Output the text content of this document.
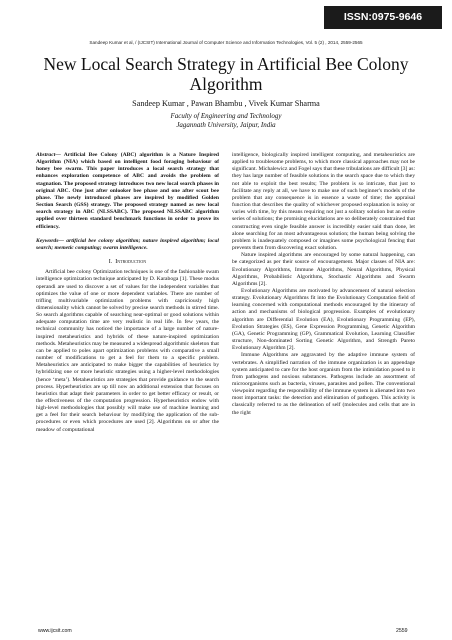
ISSN:0975-9646
Sandeep Kumar et al, / (IJCSIT) International Journal of Computer Science and Information Technologies, Vol. 5 (2) , 2014, 2559-2565
New Local Search Strategy in Artificial Bee Colony Algorithm
Sandeep Kumar , Pawan Bhambu , Vivek Kumar Sharma
Faculty of Engineering and Technology
Jagannath University, Jaipur, India

Abstract— Artificial Bee Colony (ABC) algorithm is a Nature Inspired Algorithm (NIA) which based on intelligent food foraging behaviour of honey bee swarm. This paper introduces a local search strategy that enhances exploration competence of ABC and avoids the problem of stagnation. The proposed strategy introduces two new local search phases in original ABC. One just after onlooker bee phase and one after scout bee phase. The newly introduced phases are inspired by modified Golden Section Search (GSS) strategy. The proposed strategy named as new local search strategy in ABC (NLSSABC). The proposed NLSSABC algorithm applied over thirteen standard benchmark functions in order to prove its efficiency.

Keywords— artificial bee colony algorithm; nature inspired algorithm; local search; memetic computing; swarm intelligence.

I. Introduction

Artificial bee colony Optimization techniques is one of the fashionable swam intelligence optimization technique anticipated by D. Karaboga [1]. These modus operandi are used to discover a set of values for the independent variables that optimizes the value of one or more dependent variables. There are number of trifling multivariable optimization problems with capriciously high dimensionality which cannot be solved by precise search methods in stirred time. So search algorithms capable of searching near-optimal or good solutions within adequate computation time are very realistic in real life. In few years, the technical community has noticed the importance of a large number of nature-inspired metaheuristics and hybrids of these nature-inspired optimization methods. Metaheuristics may be measured a widespread algorithmic skeleton that can be applied to poles apart optimization problems with comparative a small number of modifications to get a feel for them to a specific problem. Metaheuristics are anticipated to make bigger the capabilities of heuristics by hybridizing one or more heuristic strategies using a higher-level methodologies (hence ‘meta’). Metaheuristics are strategies that provide guidance to the search process. Hyperheuristics are up till now an additional extension that focuses on heuristics that adapt their parameters in order to get better efficacy or result, or the effectiveness of the computation progression. Hyperheuristics endow with high-level methodologies that possibly will make use of machine learning and get a feel for their search behaviour by modifying the application of the sub-procedures or even which procedures are used [2]. Algorithms on or after the meadow of computational

intelligence, biologically inspired intelligent computing, and metaheuristics are applied to troublesome problems, to which more classical approaches may not be significant. Michalewicz and Fogel says that these tribulations are difficult [3] as: they has large number of feasible solutions in the search space due to which they not able to exploit the best results; The problem is so intricate, that just to facilitate any reply at all, we have to make use of such beginner's models of the problem that any consequence is in essence a waste of time; the appraisal function that describes the quality of whichever proposed explanation is noisy or varies with time, by this means requiring not just a solitary solution but an entire series of solutions; the promising elucidations are so deliberately constrained that constructing even single feasible answer is incredibly easier said than done, let alone searching for an most advantageous solution; the human being solving the problem is inadequately composed or imagines some psychological fencing that prevents them from discovering exact solution.

Nature inspired algorithms are encouraged by some natural happening, can be categorized as per their source of encouragement. Major classes of NIA are: Evolutionary Algorithms, Immune Algorithms, Neural Algorithms, Physical Algorithms, Probabilistic Algorithms, Stochastic Algorithms and Swarm Algorithms [2].

Evolutionary Algorithms are motivated by advancement of natural selection strategy. Evolutionary Algorithms fit into the Evolutionary Computation field of learning concerned with computational methods encouraged by the itinerary of action and mechanisms of biological progression. Examples of evolutionary algorithm are Differential Evolution (EA), Evolutionary Programming (EP), Evolution Strategies (ES), Gene Expression Programming, Genetic Algorithm (GA), Genetic Programming (GP), Grammatical Evolution, Learning Classifier structure, Non-dominated Sorting Genetic Algorithm, and Strength Pareto Evolutionary Algorithm [2].

Immune Algorithms are aggravated by the adaptive immune system of vertebrates. A simplified narration of the immune organization is an appendage system anticipated to care for the host organism from the intimidation posed to it from pathogens and noxious substances. Pathogens include an assortment of microorganisms such as bacteria, viruses, parasites and pollen. The conventional viewpoint regarding the responsibility of the immune system is alienated into two most important tasks: the detection and elimination of pathogen. This activity is classically referred to as the delineation of self (molecules and cells that are in the right

www.ijcsit.com	2559
